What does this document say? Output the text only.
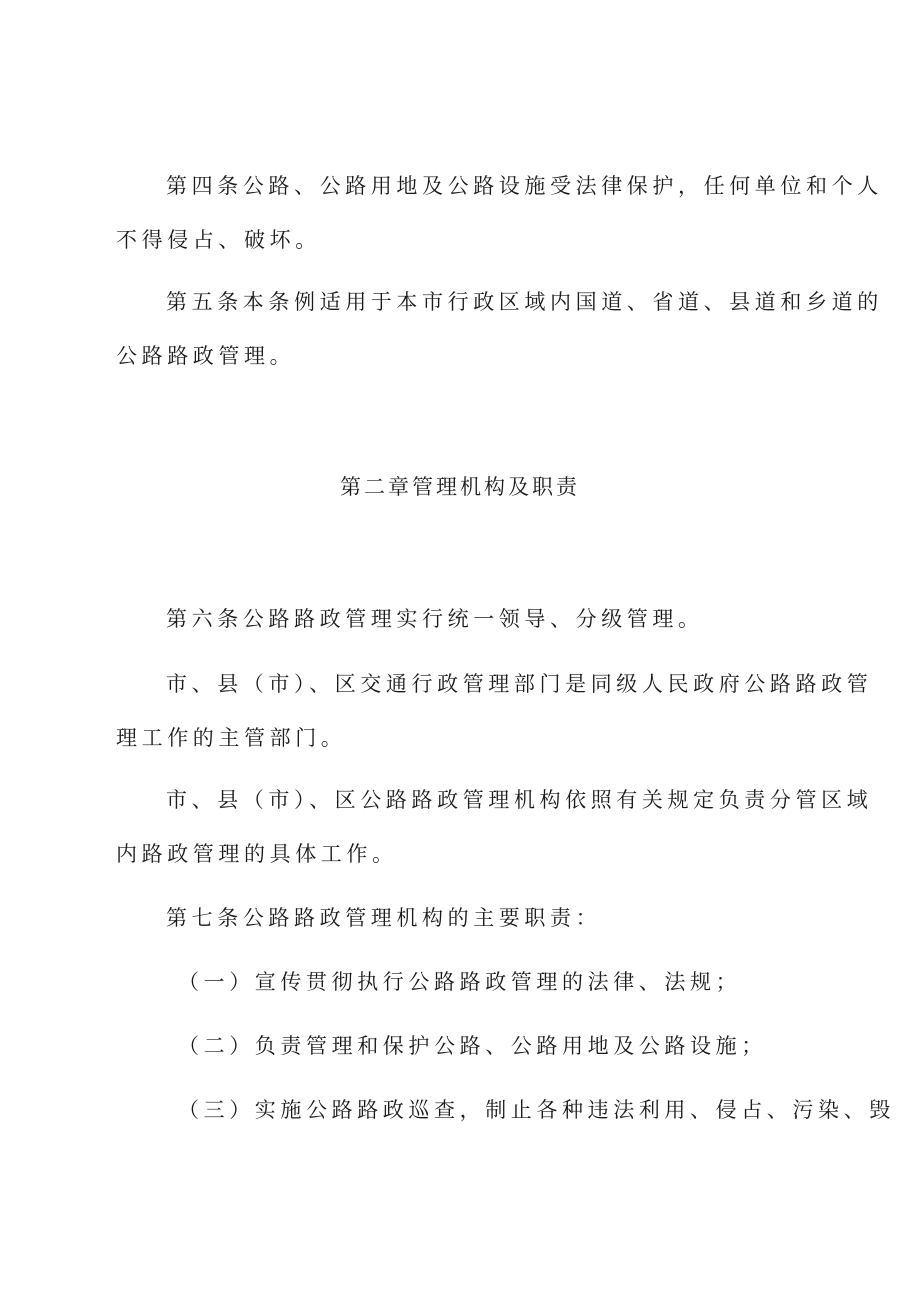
第四条公路、公路用地及公路设施受法律保护，任何单位和个人
不得侵占、破坏。
第五条本条例适用于本市行政区域内国道、省道、县道和乡道的
公路路政管理。
第二章管理机构及职责
第六条公路路政管理实行统一领导、分级管理。
市、县（市）、区交通行政管理部门是同级人民政府公路路政管
理工作的主管部门。
市、县（市）、区公路路政管理机构依照有关规定负责分管区域
内路政管理的具体工作。
第七条公路路政管理机构的主要职责：
（一）宣传贯彻执行公路路政管理的法律、法规；
（二）负责管理和保护公路、公路用地及公路设施；
（三）实施公路路政巡查，制止各种违法利用、侵占、污染、毁
